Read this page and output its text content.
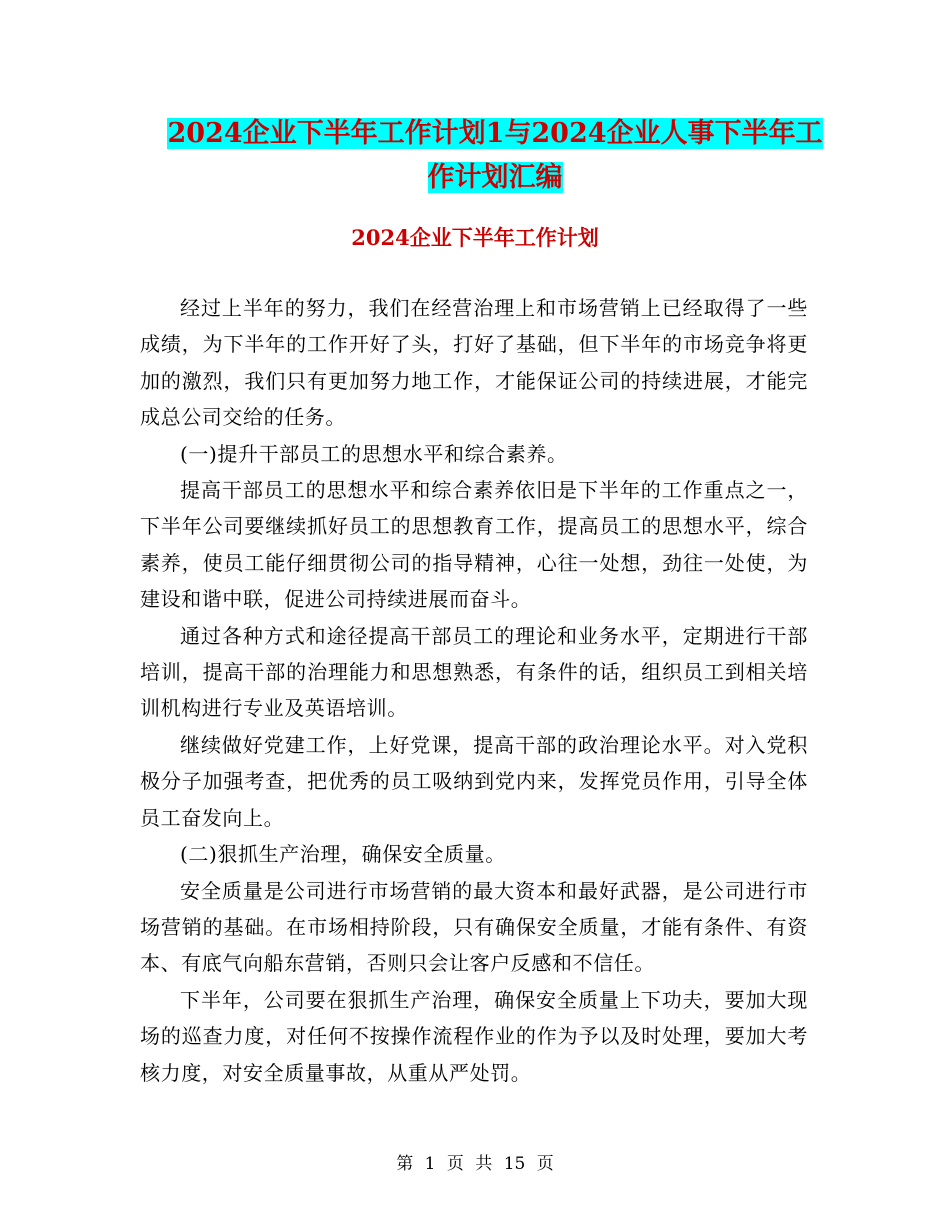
2024企业下半年工作计划1与2024企业人事下半年工
作计划汇编
2024企业下半年工作计划

经过上半年的努力，我们在经营治理上和市场营销上已经取得了一些成绩，为下半年的工作开好了头，打好了基础，但下半年的市场竞争将更加的激烈，我们只有更加努力地工作，才能保证公司的持续进展，才能完成总公司交给的任务。

(一)提升干部员工的思想水平和综合素养。

提高干部员工的思想水平和综合素养依旧是下半年的工作重点之一，下半年公司要继续抓好员工的思想教育工作，提高员工的思想水平，综合素养，使员工能仔细贯彻公司的指导精神，心往一处想，劲往一处使，为建设和谐中联，促进公司持续进展而奋斗。

通过各种方式和途径提高干部员工的理论和业务水平，定期进行干部培训，提高干部的治理能力和思想熟悉，有条件的话，组织员工到相关培训机构进行专业及英语培训。

继续做好党建工作，上好党课，提高干部的政治理论水平。对入党积极分子加强考查，把优秀的员工吸纳到党内来，发挥党员作用，引导全体员工奋发向上。

(二)狠抓生产治理，确保安全质量。

安全质量是公司进行市场营销的最大资本和最好武器，是公司进行市场营销的基础。在市场相持阶段，只有确保安全质量，才能有条件、有资本、有底气向船东营销，否则只会让客户反感和不信任。

下半年，公司要在狠抓生产治理，确保安全质量上下功夫，要加大现场的巡查力度，对任何不按操作流程作业的作为予以及时处理，要加大考核力度，对安全质量事故，从重从严处罚。

第 1 页 共 15 页
